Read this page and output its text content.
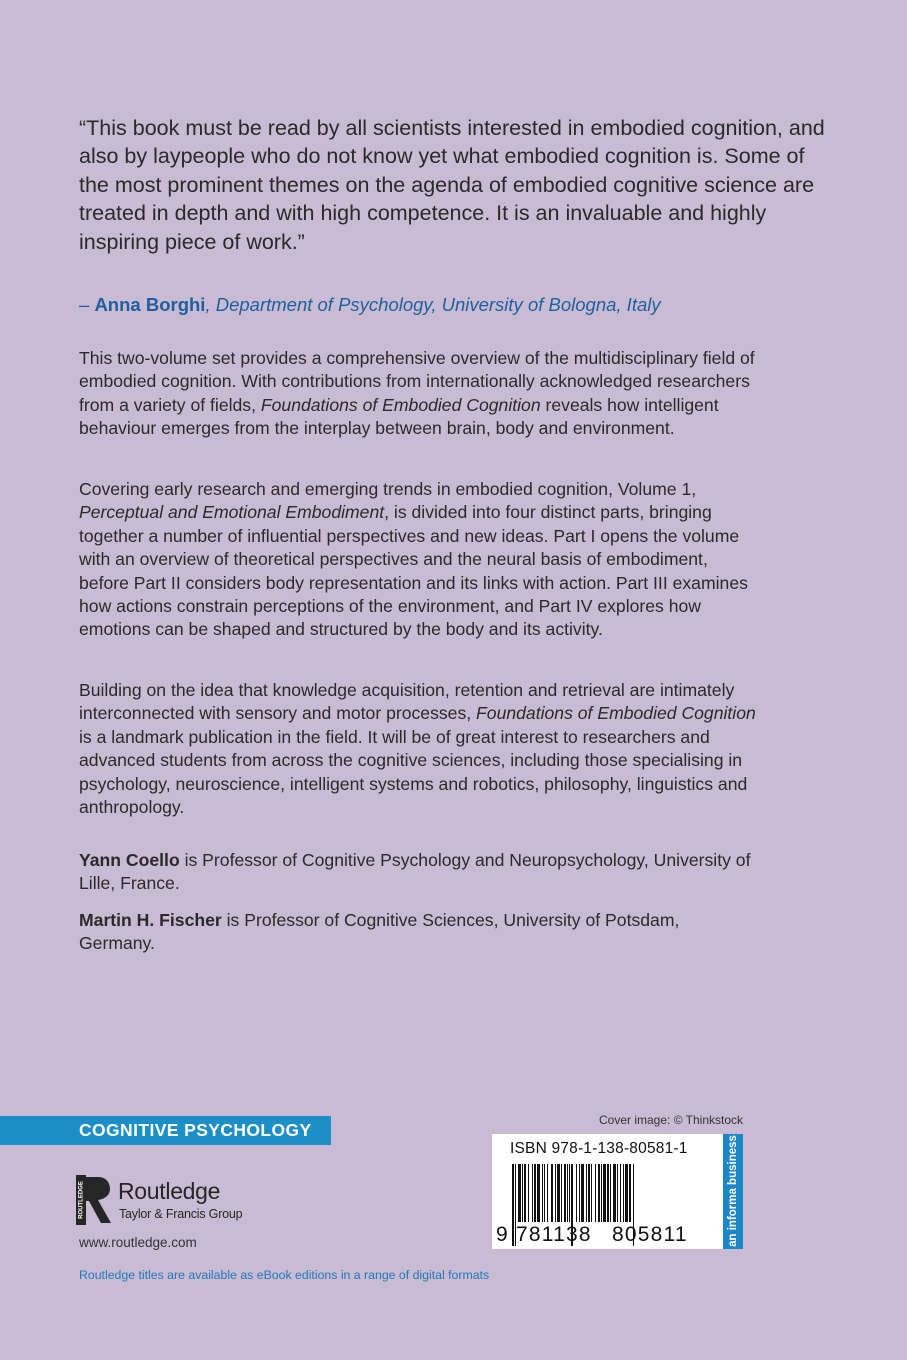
“This book must be read by all scientists interested in embodied cognition, and also by laypeople who do not know yet what embodied cognition is. Some of the most prominent themes on the agenda of embodied cognitive science are treated in depth and with high competence. It is an invaluable and highly inspiring piece of work.”

– Anna Borghi, Department of Psychology, University of Bologna, Italy

This two-volume set provides a comprehensive overview of the multidisciplinary field of embodied cognition. With contributions from internationally acknowledged researchers from a variety of fields, Foundations of Embodied Cognition reveals how intelligent behaviour emerges from the interplay between brain, body and environment.

Covering early research and emerging trends in embodied cognition, Volume 1, Perceptual and Emotional Embodiment, is divided into four distinct parts, bringing together a number of influential perspectives and new ideas. Part I opens the volume with an overview of theoretical perspectives and the neural basis of embodiment, before Part II considers body representation and its links with action. Part III examines how actions constrain perceptions of the environment, and Part IV explores how emotions can be shaped and structured by the body and its activity.

Building on the idea that knowledge acquisition, retention and retrieval are intimately interconnected with sensory and motor processes, Foundations of Embodied Cognition is a landmark publication in the field. It will be of great interest to researchers and advanced students from across the cognitive sciences, including those specialising in psychology, neuroscience, intelligent systems and robotics, philosophy, linguistics and anthropology.

Yann Coello is Professor of Cognitive Psychology and Neuropsychology, University of Lille, France.

Martin H. Fischer is Professor of Cognitive Sciences, University of Potsdam, Germany.

COGNITIVE PSYCHOLOGY
ROUTLEDGE Routledge
Taylor & Francis Group
www.routledge.com
Routledge titles are available as eBook editions in a range of digital formats
Cover image: © Thinkstock
ISBN 978-1-138-80581-1
9 781138 805811	an informa business
